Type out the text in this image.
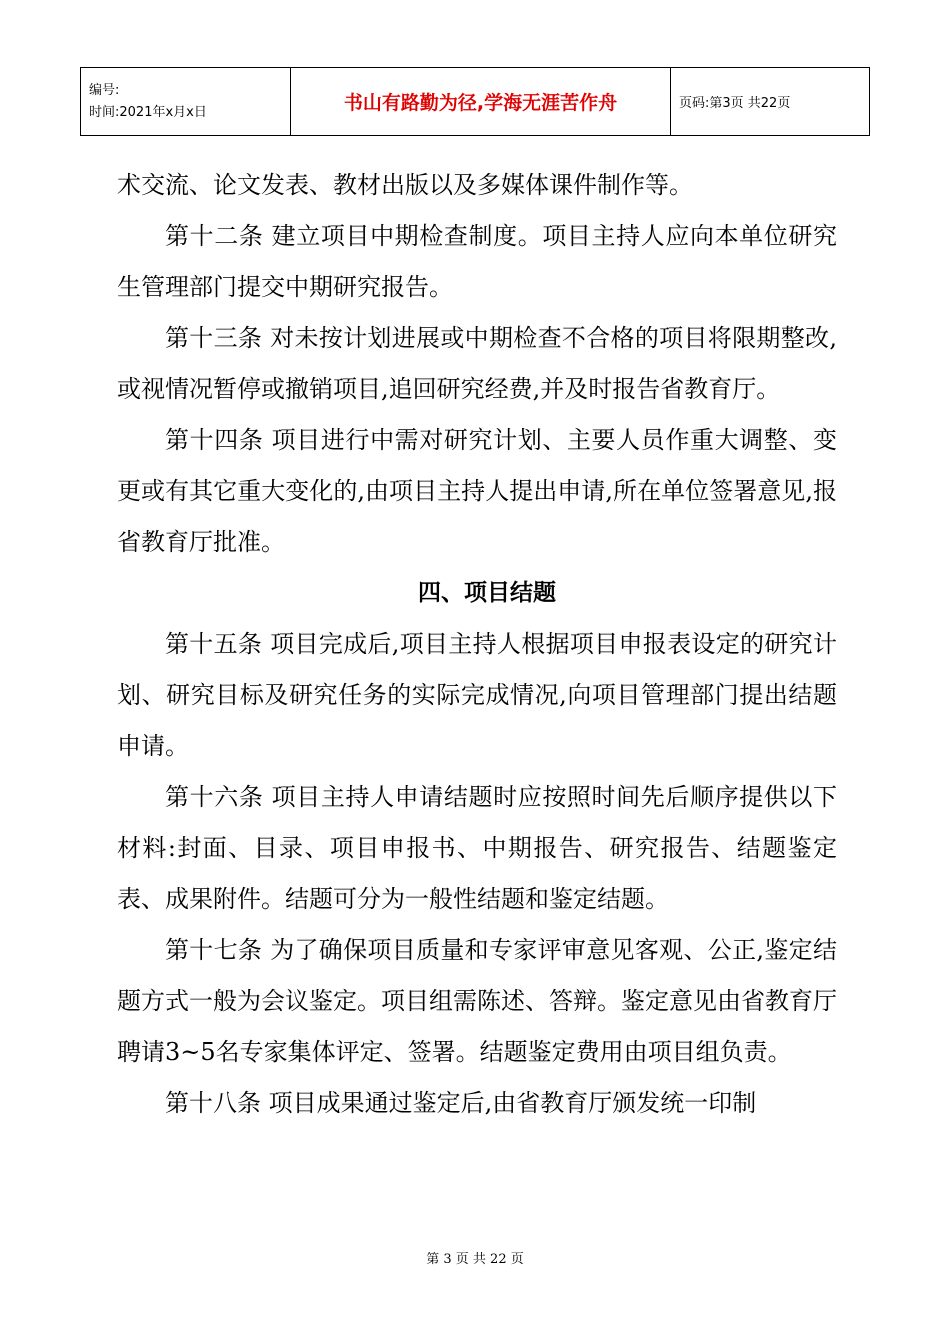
编号:
时间:2021年x月x日	书山有路勤为径,学海无涯苦作舟	页码:第3页 共22页

术交流、论文发表、教材出版以及多媒体课件制作等。

第十二条 建立项目中期检查制度。项目主持人应向本单位研究生管理部门提交中期研究报告。

第十三条 对未按计划进展或中期检查不合格的项目将限期整改,或视情况暂停或撤销项目,追回研究经费,并及时报告省教育厅。

第十四条 项目进行中需对研究计划、主要人员作重大调整、变更或有其它重大变化的,由项目主持人提出申请,所在单位签署意见,报省教育厅批准。

四、项目结题

第十五条 项目完成后,项目主持人根据项目申报表设定的研究计划、研究目标及研究任务的实际完成情况,向项目管理部门提出结题申请。

第十六条 项目主持人申请结题时应按照时间先后顺序提供以下材料:封面、目录、项目申报书、中期报告、研究报告、结题鉴定表、成果附件。结题可分为一般性结题和鉴定结题。

第十七条 为了确保项目质量和专家评审意见客观、公正,鉴定结题方式一般为会议鉴定。项目组需陈述、答辩。鉴定意见由省教育厅聘请3~5名专家集体评定、签署。结题鉴定费用由项目组负责。

第十八条 项目成果通过鉴定后,由省教育厅颁发统一印制

第 3 页 共 22 页
